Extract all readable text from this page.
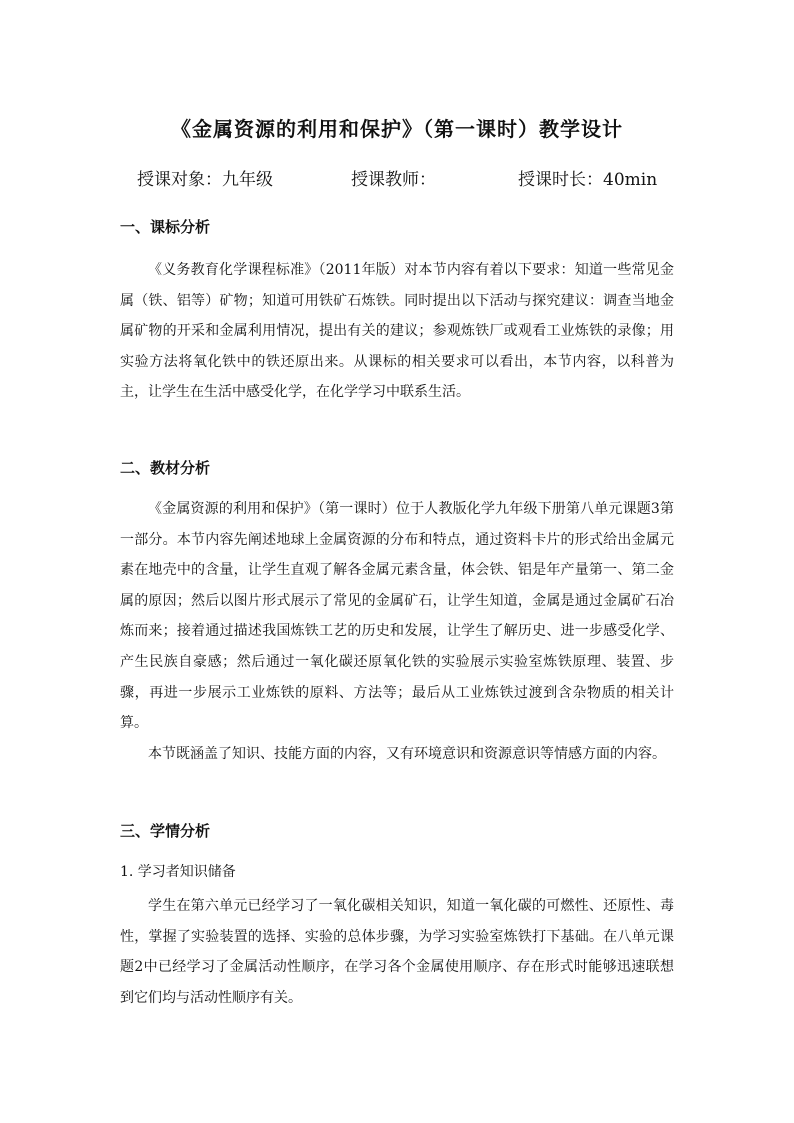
《金属资源的利用和保护》（第一课时）教学设计
授课对象：九年级	授课教师：	授课时长：40min
一、课标分析

《义务教育化学课程标准》（2011年版）对本节内容有着以下要求：知道一些常见金属（铁、铝等）矿物；知道可用铁矿石炼铁。同时提出以下活动与探究建议：调查当地金属矿物的开采和金属利用情况，提出有关的建议；参观炼铁厂或观看工业炼铁的录像；用实验方法将氧化铁中的铁还原出来。从课标的相关要求可以看出，本节内容，以科普为主，让学生在生活中感受化学，在化学学习中联系生活。

二、教材分析

《金属资源的利用和保护》（第一课时）位于人教版化学九年级下册第八单元课题3第一部分。本节内容先阐述地球上金属资源的分布和特点，通过资料卡片的形式给出金属元素在地壳中的含量，让学生直观了解各金属元素含量，体会铁、铝是年产量第一、第二金属的原因；然后以图片形式展示了常见的金属矿石，让学生知道，金属是通过金属矿石冶炼而来；接着通过描述我国炼铁工艺的历史和发展，让学生了解历史、进一步感受化学、产生民族自豪感；然后通过一氧化碳还原氧化铁的实验展示实验室炼铁原理、装置、步骤，再进一步展示工业炼铁的原料、方法等；最后从工业炼铁过渡到含杂物质的相关计算。

本节既涵盖了知识、技能方面的内容，又有环境意识和资源意识等情感方面的内容。

三、学情分析
1. 学习者知识储备

学生在第六单元已经学习了一氧化碳相关知识，知道一氧化碳的可燃性、还原性、毒性，掌握了实验装置的选择、实验的总体步骤，为学习实验室炼铁打下基础。在八单元课题2中已经学习了金属活动性顺序，在学习各个金属使用顺序、存在形式时能够迅速联想到它们均与活动性顺序有关。
